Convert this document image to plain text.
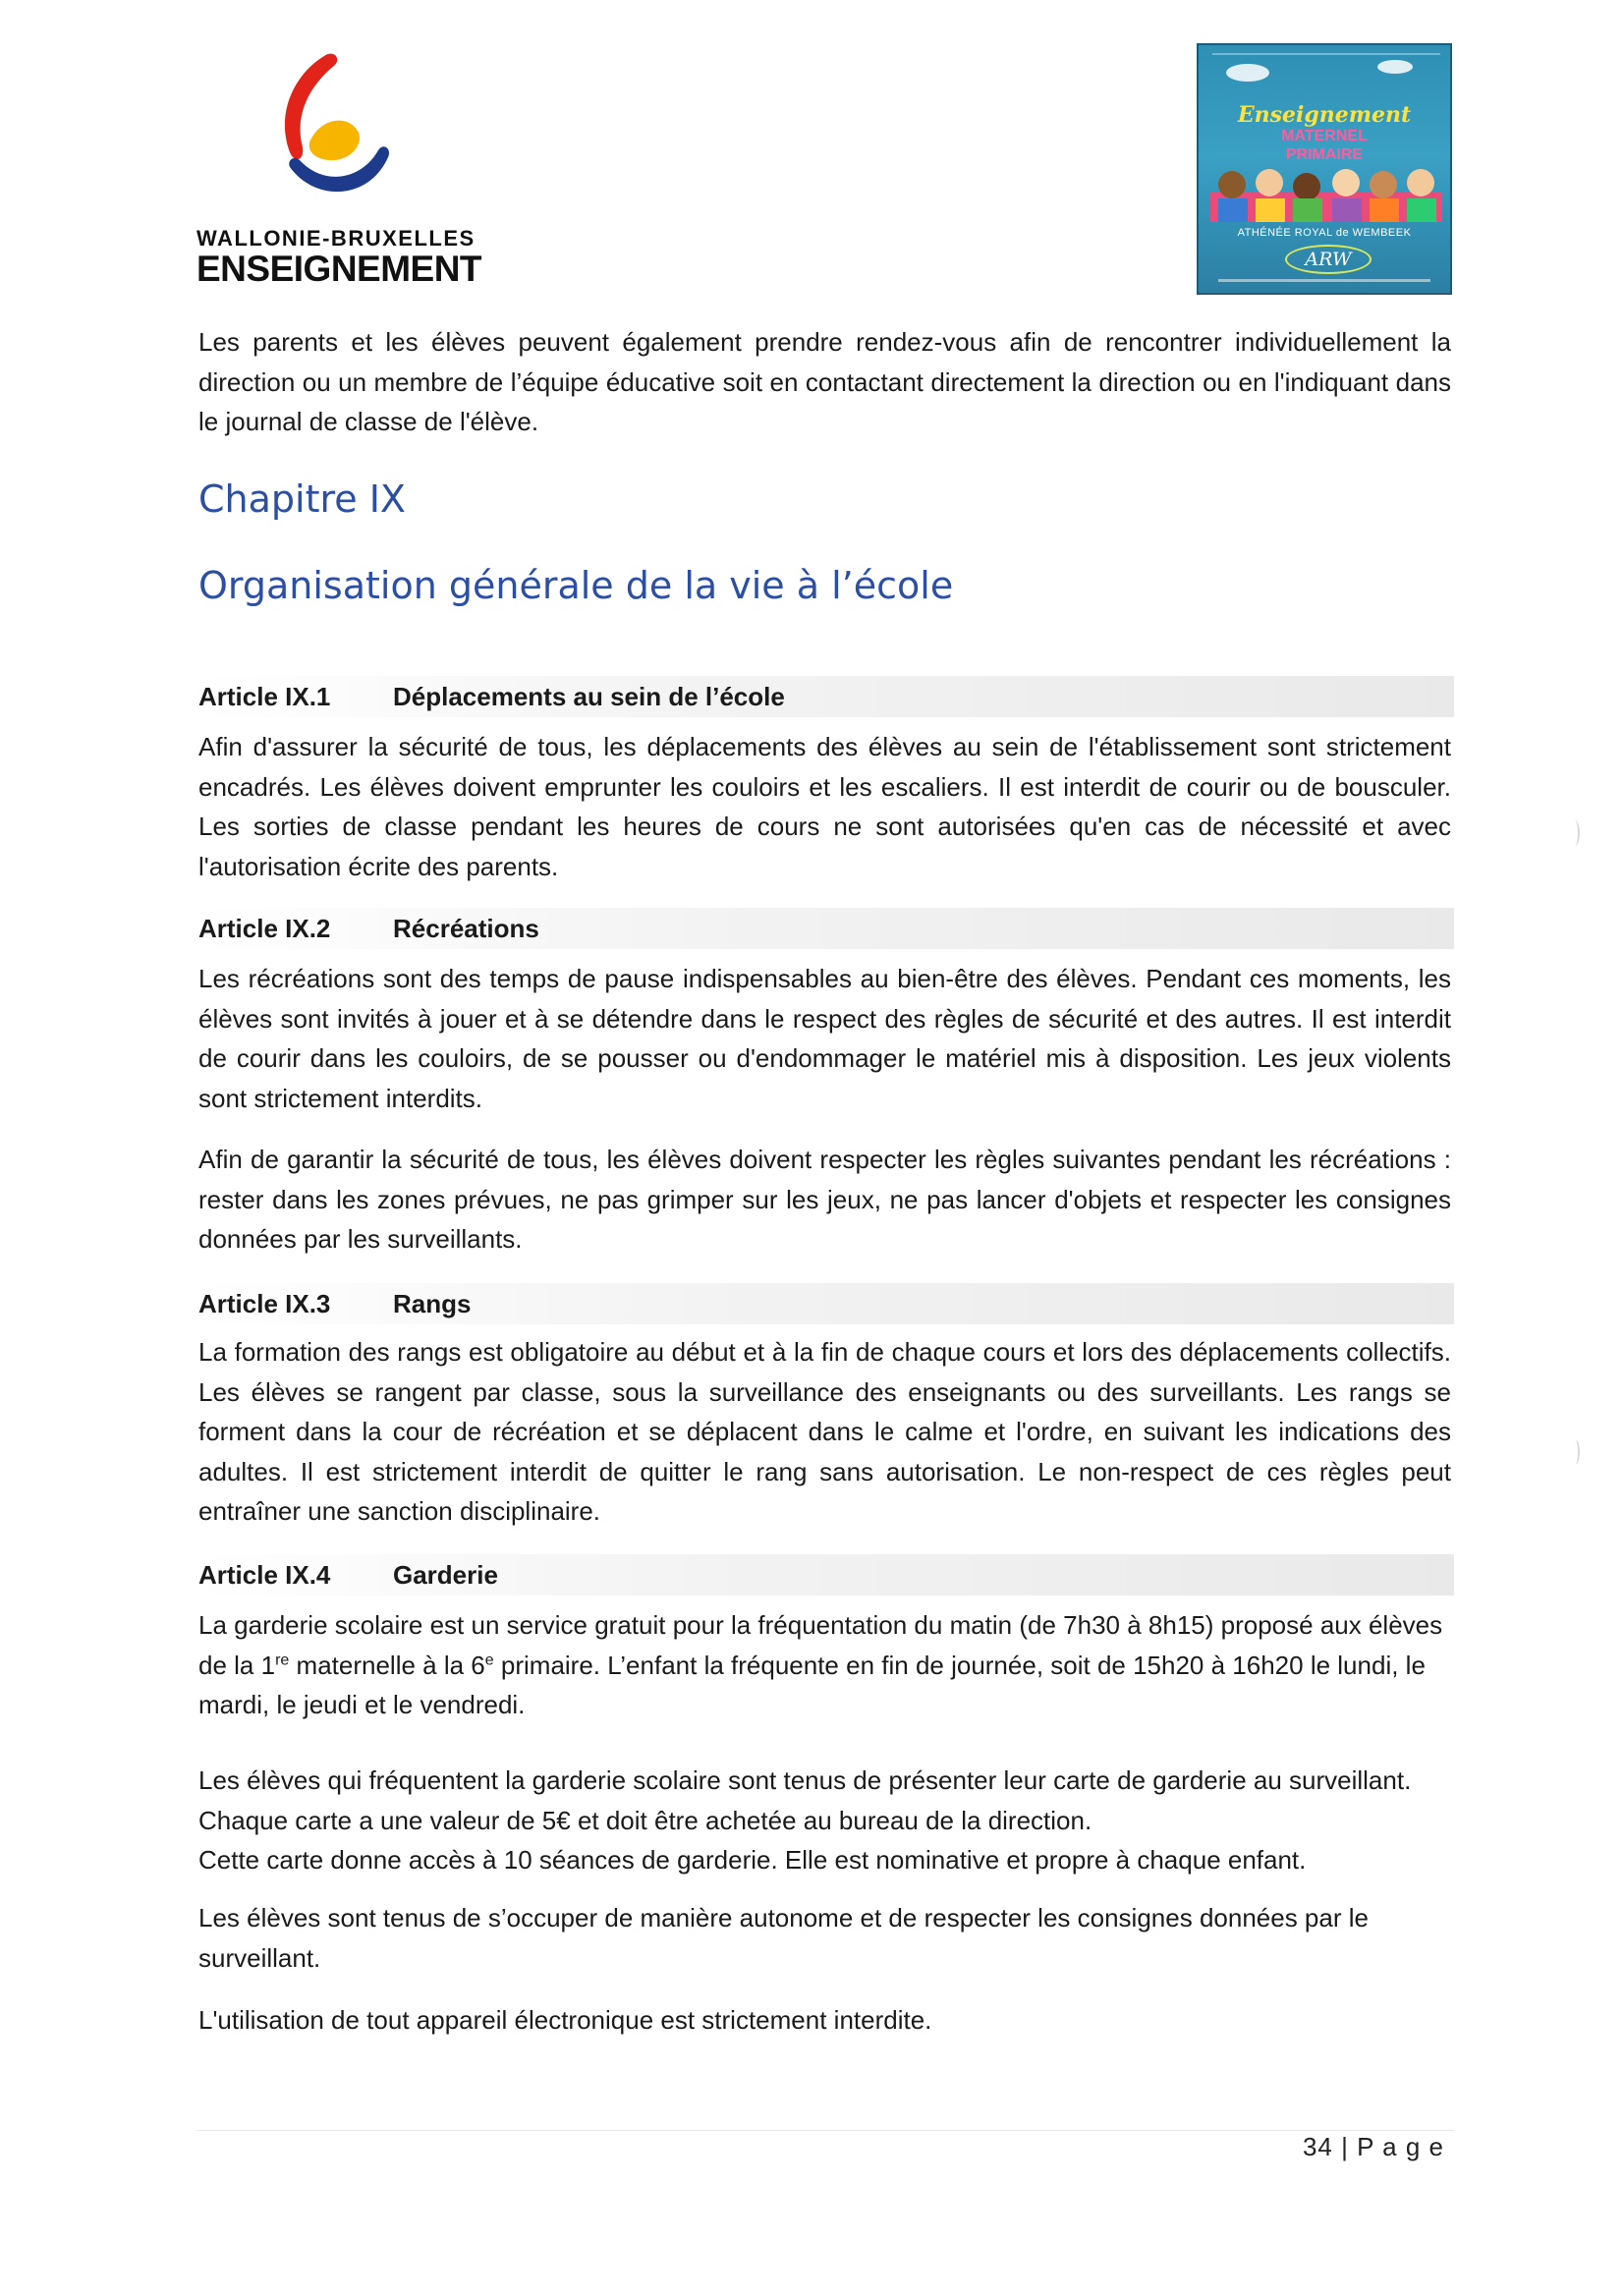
WALLONIE-BRUXELLES
ENSEIGNEMENT
Enseignement
MATERNEL
PRIMAIRE
ATHÉNÉE ROYAL de WEMBEEK
ARW

Les parents et les élèves peuvent également prendre rendez-vous afin de rencontrer individuellement la direction ou un membre de l’équipe éducative soit en contactant directement la direction ou en l'indiquant dans le journal de classe de l'élève.

Chapitre IX
Organisation générale de la vie à l’école
Article IX.1 Déplacements au sein de l’école

Afin d'assurer la sécurité de tous, les déplacements des élèves au sein de l'établissement sont strictement encadrés. Les élèves doivent emprunter les couloirs et les escaliers. Il est interdit de courir ou de bousculer. Les sorties de classe pendant les heures de cours ne sont autorisées qu'en cas de nécessité et avec l'autorisation écrite des parents.

Article IX.2 Récréations

Les récréations sont des temps de pause indispensables au bien-être des élèves. Pendant ces moments, les élèves sont invités à jouer et à se détendre dans le respect des règles de sécurité et des autres. Il est interdit de courir dans les couloirs, de se pousser ou d'endommager le matériel mis à disposition. Les jeux violents sont strictement interdits.

Afin de garantir la sécurité de tous, les élèves doivent respecter les règles suivantes pendant les récréations : rester dans les zones prévues, ne pas grimper sur les jeux, ne pas lancer d'objets et respecter les consignes données par les surveillants.

Article IX.3 Rangs

La formation des rangs est obligatoire au début et à la fin de chaque cours et lors des déplacements collectifs. Les élèves se rangent par classe, sous la surveillance des enseignants ou des surveillants. Les rangs se forment dans la cour de récréation et se déplacent dans le calme et l'ordre, en suivant les indications des adultes. Il est strictement interdit de quitter le rang sans autorisation. Le non-respect de ces règles peut entraîner une sanction disciplinaire.

Article IX.4 Garderie

La garderie scolaire est un service gratuit pour la fréquentation du matin (de 7h30 à 8h15) proposé aux élèves de la 1re maternelle à la 6e primaire. L’enfant la fréquente en fin de journée, soit de 15h20 à 16h20 le lundi, le mardi, le jeudi et le vendredi.

Les élèves qui fréquentent la garderie scolaire sont tenus de présenter leur carte de garderie au surveillant. Chaque carte a une valeur de 5€ et doit être achetée au bureau de la direction.

Cette carte donne accès à 10 séances de garderie. Elle est nominative et propre à chaque enfant.

Les élèves sont tenus de s’occuper de manière autonome et de respecter les consignes données par le surveillant.

L'utilisation de tout appareil électronique est strictement interdite.

34 | P a g e
